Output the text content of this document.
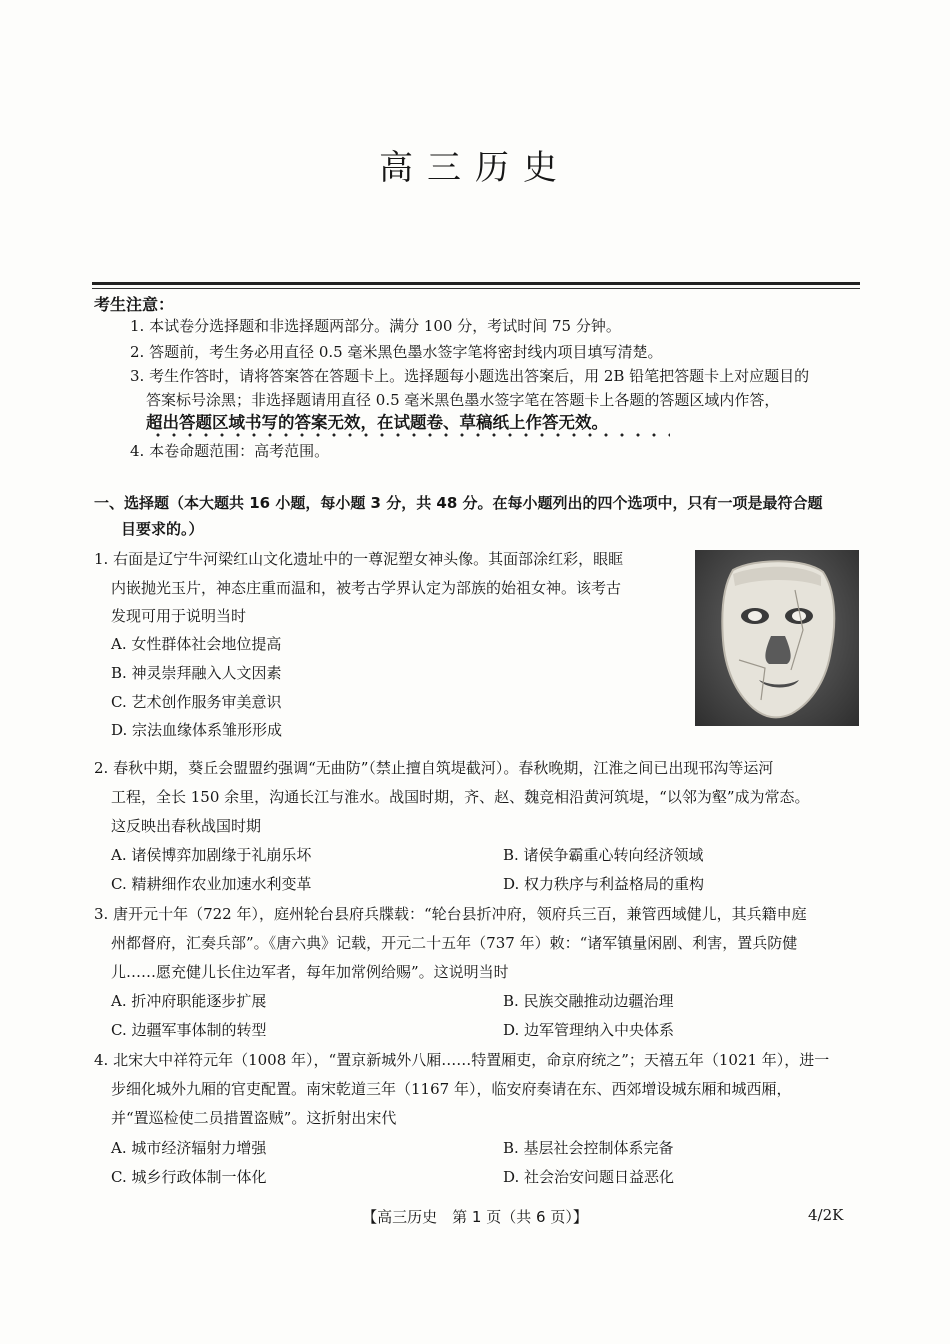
高三历史
考生注意：
1. 本试卷分选择题和非选择题两部分。满分 100 分，考试时间 75 分钟。
2. 答题前，考生务必用直径 0.5 毫米黑色墨水签字笔将密封线内项目填写清楚。
3. 考生作答时，请将答案答在答题卡上。选择题每小题选出答案后，用 2B 铅笔把答题卡上对应题目的
答案标号涂黑；非选择题请用直径 0.5 毫米黑色墨水签字笔在答题卡上各题的答题区域内作答，
超出答题区域书写的答案无效，在试题卷、草稿纸上作答无效。
4. 本卷命题范围：高考范围。
一、选择题（本大题共 16 小题，每小题 3 分，共 48 分。在每小题列出的四个选项中，只有一项是最符合题
目要求的。）
1. 右面是辽宁牛河梁红山文化遗址中的一尊泥塑女神头像。其面部涂红彩，眼眶
内嵌抛光玉片，神态庄重而温和，被考古学界认定为部族的始祖女神。该考古
发现可用于说明当时
A. 女性群体社会地位提高
B. 神灵崇拜融入人文因素
C. 艺术创作服务审美意识
D. 宗法血缘体系雏形形成
2. 春秋中期，葵丘会盟盟约强调“无曲防”（禁止擅自筑堤截河）。春秋晚期，江淮之间已出现邗沟等运河
工程，全长 150 余里，沟通长江与淮水。战国时期，齐、赵、魏竞相沿黄河筑堤，“以邻为壑”成为常态。
这反映出春秋战国时期
A. 诸侯博弈加剧缘于礼崩乐坏	B. 诸侯争霸重心转向经济领域
C. 精耕细作农业加速水利变革	D. 权力秩序与利益格局的重构
3. 唐开元十年（722 年），庭州轮台县府兵牒载：“轮台县折冲府，领府兵三百，兼管西域健儿，其兵籍申庭
州都督府，汇奏兵部”。《唐六典》记载，开元二十五年（737 年）敕：“诸军镇量闲剧、利害，置兵防健
儿……愿充健儿长住边军者，每年加常例给赐”。这说明当时
A. 折冲府职能逐步扩展	B. 民族交融推动边疆治理
C. 边疆军事体制的转型	D. 边军管理纳入中央体系
4. 北宋大中祥符元年（1008 年），“置京新城外八厢……特置厢吏，命京府统之”；天禧五年（1021 年），进一
步细化城外九厢的官吏配置。南宋乾道三年（1167 年），临安府奏请在东、西郊增设城东厢和城西厢，
并“置巡检使二员措置盗贼”。这折射出宋代
A. 城市经济辐射力增强	B. 基层社会控制体系完备
C. 城乡行政体制一体化	D. 社会治安问题日益恶化
【高三历史　第 1 页（共 6 页）】	4/2K
